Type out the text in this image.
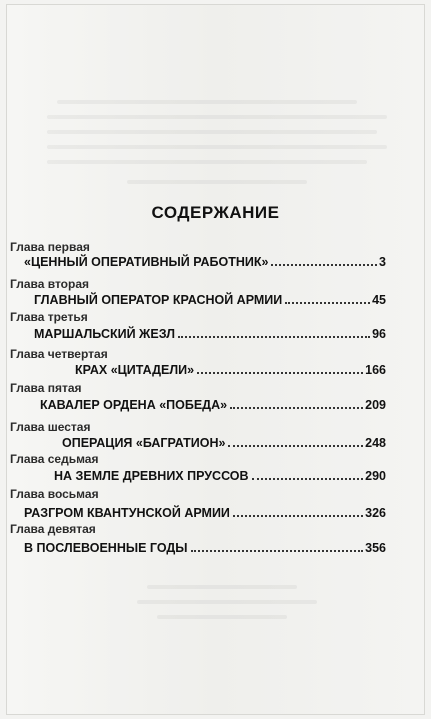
СОДЕРЖАНИЕ
Глава первая
«ЦЕННЫЙ ОПЕРАТИВНЫЙ РАБОТНИК»	3
Глава вторая
ГЛАВНЫЙ ОПЕРАТОР КРАСНОЙ АРМИИ	45
Глава третья
МАРШАЛЬСКИЙ ЖЕЗЛ	96
Глава четвертая
КРАХ «ЦИТАДЕЛИ»	166
Глава пятая
КАВАЛЕР ОРДЕНА «ПОБЕДА»	209
Глава шестая
ОПЕРАЦИЯ «БАГРАТИОН»	248
Глава седьмая
НА ЗЕМЛЕ ДРЕВНИХ ПРУССОВ	290
Глава восьмая
РАЗГРОМ КВАНТУНСКОЙ АРМИИ	326
Глава девятая
В ПОСЛЕВОЕННЫЕ ГОДЫ	356
